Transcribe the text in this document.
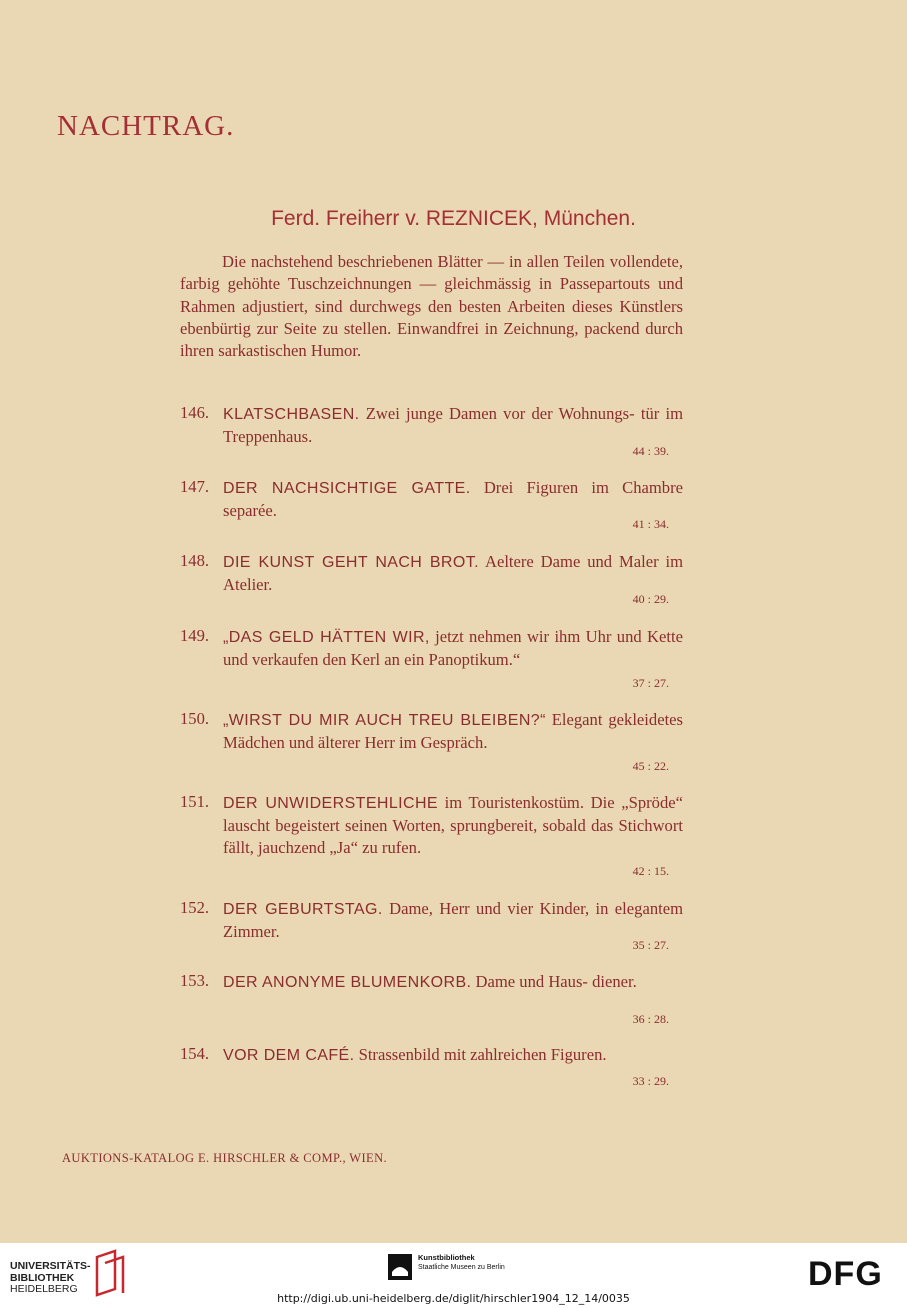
NACHTRAG.
Ferd. Freiherr v. REZNICEK, München.
Die nachstehend beschriebenen Blätter — in allen Teilen vollendete, farbig gehöhte Tuschzeichnungen — gleichmässig in Passepartouts und Rahmen adjustiert, sind durchwegs den besten Arbeiten dieses Künstlers ebenbürtig zur Seite zu stellen. Einwandfrei in Zeichnung, packend durch ihren sarkastischen Humor.
146. KLATSCHBASEN. Zwei junge Damen vor der Wohnungs- tür im Treppenhaus.
44 : 39.
147. DER NACHSICHTIGE GATTE. Drei Figuren im Chambre separée.
41 : 34.
148. DIE KUNST GEHT NACH BROT. Aeltere Dame und Maler im Atelier.
40 : 29.
149. „DAS GELD HÄTTEN WIR, jetzt nehmen wir ihm Uhr und Kette und verkaufen den Kerl an ein Panoptikum.“
37 : 27.
150. „WIRST DU MIR AUCH TREU BLEIBEN?“ Elegant gekleidetes Mädchen und älterer Herr im Gespräch.
45 : 22.
151. DER UNWIDERSTEHLICHE im Touristenkostüm. Die „Spröde“ lauscht begeistert seinen Worten, sprungbereit, sobald das Stichwort fällt, jauchzend „Ja“ zu rufen.
42 : 15.
152. DER GEBURTSTAG. Dame, Herr und vier Kinder, in elegantem Zimmer.
35 : 27.
153. DER ANONYME BLUMENKORB. Dame und Haus- diener.
36 : 28.
154. VOR DEM CAFÉ. Strassenbild mit zahlreichen Figuren.
33 : 29.
AUKTIONS-KATALOG E. HIRSCHLER & COMP., WIEN.
UNIVERSITÄTS-
BIBLIOTHEK
HEIDELBERG
Kunstbibliothek
Staatliche Museen zu Berlin	DFG
http://digi.ub.uni-heidelberg.de/diglit/hirschler1904_12_14/0035
